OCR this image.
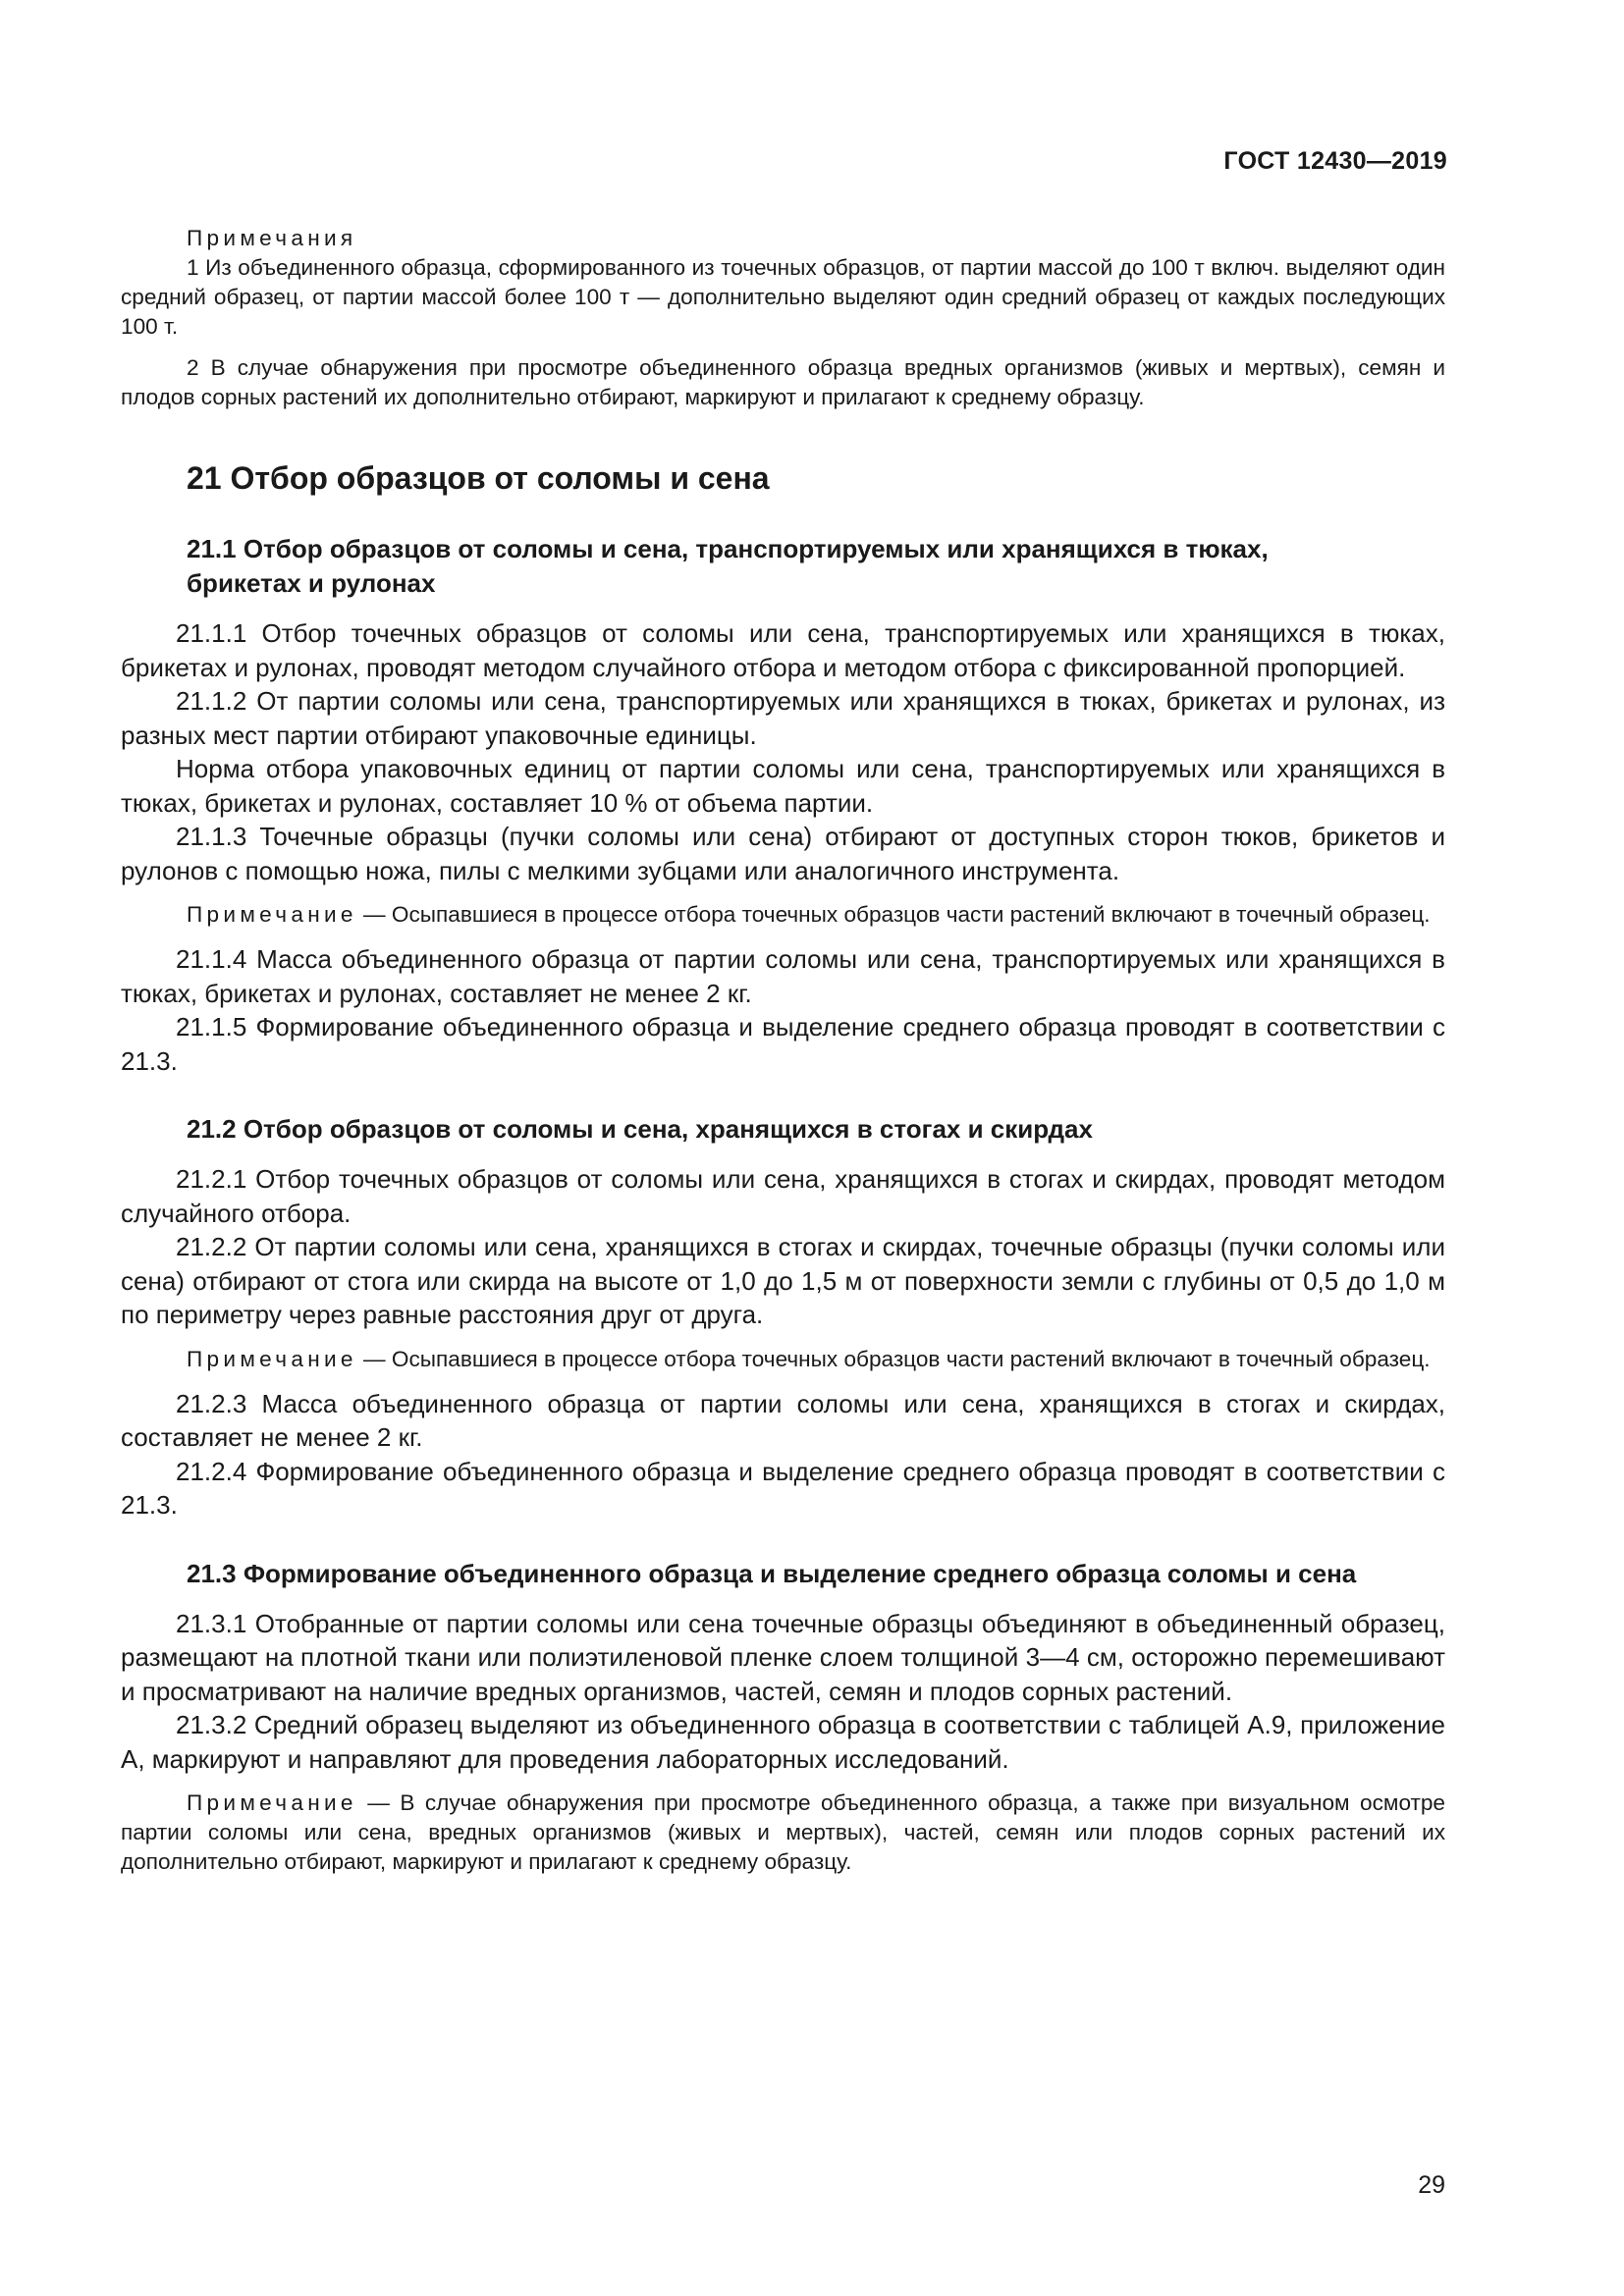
ГОСТ 12430—2019

Примечания

1 Из объединенного образца, сформированного из точечных образцов, от партии массой до 100 т включ. выделяют один средний образец, от партии массой более 100 т — дополнительно выделяют один средний образец от каждых последующих 100 т.

2 В случае обнаружения при просмотре объединенного образца вредных организмов (живых и мертвых), семян и плодов сорных растений их дополнительно отбирают, маркируют и прилагают к среднему образцу.

21 Отбор образцов от соломы и сена
21.1 Отбор образцов от соломы и сена, транспортируемых или хранящихся в тюках, брикетах и рулонах

21.1.1 Отбор точечных образцов от соломы или сена, транспортируемых или хранящихся в тюках, брикетах и рулонах, проводят методом случайного отбора и методом отбора с фиксированной пропорцией.

21.1.2 От партии соломы или сена, транспортируемых или хранящихся в тюках, брикетах и рулонах, из разных мест партии отбирают упаковочные единицы.

Норма отбора упаковочных единиц от партии соломы или сена, транспортируемых или хранящихся в тюках, брикетах и рулонах, составляет 10 % от объема партии.

21.1.3 Точечные образцы (пучки соломы или сена) отбирают от доступных сторон тюков, брикетов и рулонов с помощью ножа, пилы с мелкими зубцами или аналогичного инструмента.

Примечание — Осыпавшиеся в процессе отбора точечных образцов части растений включают в точечный образец.

21.1.4 Масса объединенного образца от партии соломы или сена, транспортируемых или хранящихся в тюках, брикетах и рулонах, составляет не менее 2 кг.

21.1.5 Формирование объединенного образца и выделение среднего образца проводят в соответствии с 21.3.

21.2 Отбор образцов от соломы и сена, хранящихся в стогах и скирдах

21.2.1 Отбор точечных образцов от соломы или сена, хранящихся в стогах и скирдах, проводят методом случайного отбора.

21.2.2 От партии соломы или сена, хранящихся в стогах и скирдах, точечные образцы (пучки соломы или сена) отбирают от стога или скирда на высоте от 1,0 до 1,5 м от поверхности земли с глубины от 0,5 до 1,0 м по периметру через равные расстояния друг от друга.

Примечание — Осыпавшиеся в процессе отбора точечных образцов части растений включают в точечный образец.

21.2.3 Масса объединенного образца от партии соломы или сена, хранящихся в стогах и скирдах, составляет не менее 2 кг.

21.2.4 Формирование объединенного образца и выделение среднего образца проводят в соответствии с 21.3.

21.3 Формирование объединенного образца и выделение среднего образца соломы и сена

21.3.1 Отобранные от партии соломы или сена точечные образцы объединяют в объединенный образец, размещают на плотной ткани или полиэтиленовой пленке слоем толщиной 3—4 см, осторожно перемешивают и просматривают на наличие вредных организмов, частей, семян и плодов сорных растений.

21.3.2 Средний образец выделяют из объединенного образца в соответствии с таблицей А.9, приложение А, маркируют и направляют для проведения лабораторных исследований.

Примечание — В случае обнаружения при просмотре объединенного образца, а также при визуальном осмотре партии соломы или сена, вредных организмов (живых и мертвых), частей, семян или плодов сорных растений их дополнительно отбирают, маркируют и прилагают к среднему образцу.

29
